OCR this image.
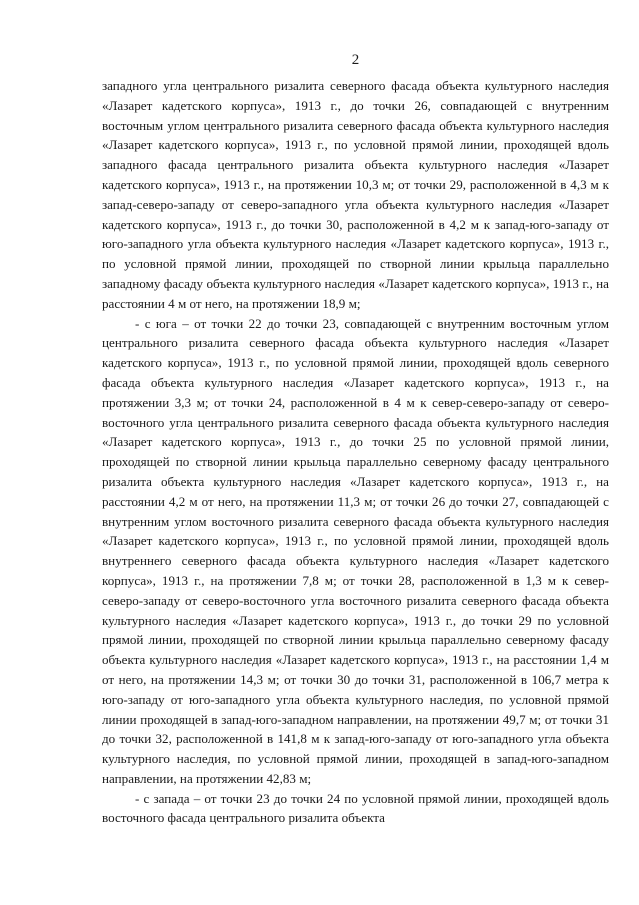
2

западного угла центрального ризалита северного фасада объекта культурного наследия «Лазарет кадетского корпуса», 1913 г., до точки 26, совпадающей с внутренним восточным углом центрального ризалита северного фасада объекта культурного наследия «Лазарет кадетского корпуса», 1913 г., по условной прямой линии, проходящей вдоль западного фасада центрального ризалита объекта культурного наследия «Лазарет кадетского корпуса», 1913 г., на протяжении 10,3 м; от точки 29, расположенной в 4,3 м к запад-северо-западу от северо-западного угла объекта культурного наследия «Лазарет кадетского корпуса», 1913 г., до точки 30, расположенной в 4,2 м к запад-юго-западу от юго-западного угла объекта культурного наследия «Лазарет кадетского корпуса», 1913 г., по условной прямой линии, проходящей по створной линии крыльца параллельно западному фасаду объекта культурного наследия «Лазарет кадетского корпуса», 1913 г., на расстоянии 4 м от него, на протяжении 18,9 м;

- с юга – от точки 22 до точки 23, совпадающей с внутренним восточным углом центрального ризалита северного фасада объекта культурного наследия «Лазарет кадетского корпуса», 1913 г., по условной прямой линии, проходящей вдоль северного фасада объекта культурного наследия «Лазарет кадетского корпуса», 1913 г., на протяжении 3,3 м; от точки 24, расположенной в 4 м к север-северо-западу от северо-восточного угла центрального ризалита северного фасада объекта культурного наследия «Лазарет кадетского корпуса», 1913 г., до точки 25 по условной прямой линии, проходящей по створной линии крыльца параллельно северному фасаду центрального ризалита объекта культурного наследия «Лазарет кадетского корпуса», 1913 г., на расстоянии 4,2 м от него, на протяжении 11,3 м; от точки 26 до точки 27, совпадающей с внутренним углом восточного ризалита северного фасада объекта культурного наследия «Лазарет кадетского корпуса», 1913 г., по условной прямой линии, проходящей вдоль внутреннего северного фасада объекта культурного наследия «Лазарет кадетского корпуса», 1913 г., на протяжении 7,8 м; от точки 28, расположенной в 1,3 м к север-северо-западу от северо-восточного угла восточного ризалита северного фасада объекта культурного наследия «Лазарет кадетского корпуса», 1913 г., до точки 29 по условной прямой линии, проходящей по створной линии крыльца параллельно северному фасаду объекта культурного наследия «Лазарет кадетского корпуса», 1913 г., на расстоянии 1,4 м от него, на протяжении 14,3 м; от точки 30 до точки 31, расположенной в 106,7 метра к юго-западу от юго-западного угла объекта культурного наследия, по условной прямой линии проходящей в запад-юго-западном направлении, на протяжении 49,7 м; от точки 31 до точки 32, расположенной в 141,8 м к запад-юго-западу от юго-западного угла объекта культурного наследия, по условной прямой линии, проходящей в запад-юго-западном направлении, на протяжении 42,83 м;

- с запада – от точки 23 до точки 24 по условной прямой линии, проходящей вдоль восточного фасада центрального ризалита объекта
